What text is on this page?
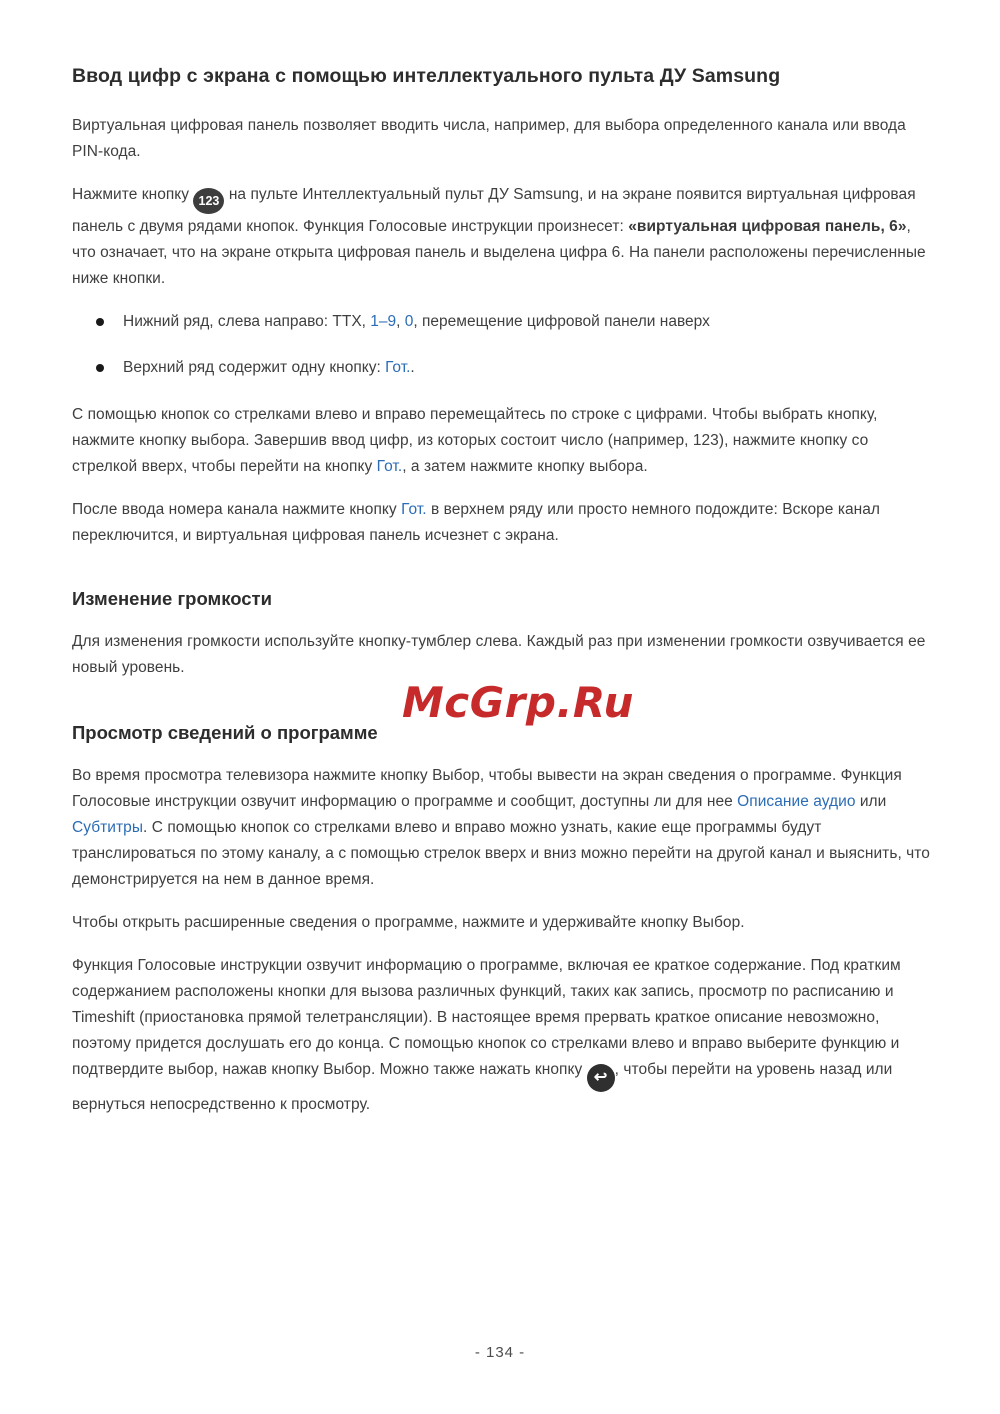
Ввод цифр с экрана с помощью интеллектуального пульта ДУ Samsung

Виртуальная цифровая панель позволяет вводить числа, например, для выбора определенного канала или ввода PIN-кода.

Нажмите кнопку 123 на пульте Интеллектуальный пульт ДУ Samsung, и на экране появится виртуальная цифровая панель с двумя рядами кнопок. Функция Голосовые инструкции произнесет: «виртуальная цифровая панель, 6», что означает, что на экране открыта цифровая панель и выделена цифра 6. На панели расположены перечисленные ниже кнопки.

Нижний ряд, слева направо: TTX, 1–9, 0, перемещение цифровой панели наверх
Верхний ряд содержит одну кнопку: Гот..

С помощью кнопок со стрелками влево и вправо перемещайтесь по строке с цифрами. Чтобы выбрать кнопку, нажмите кнопку выбора. Завершив ввод цифр, из которых состоит число (например, 123), нажмите кнопку со стрелкой вверх, чтобы перейти на кнопку Гот., а затем нажмите кнопку выбора.

После ввода номера канала нажмите кнопку Гот. в верхнем ряду или просто немного подождите: Вскоре канал переключится, и виртуальная цифровая панель исчезнет с экрана.

Изменение громкости

Для изменения громкости используйте кнопку-тумблер слева. Каждый раз при изменении громкости озвучивается ее новый уровень.

Просмотр сведений о программе

Во время просмотра телевизора нажмите кнопку Выбор, чтобы вывести на экран сведения о программе. Функция Голосовые инструкции озвучит информацию о программе и сообщит, доступны ли для нее Описание аудио или Субтитры. С помощью кнопок со стрелками влево и вправо можно узнать, какие еще программы будут транслироваться по этому каналу, а с помощью стрелок вверх и вниз можно перейти на другой канал и выяснить, что демонстрируется на нем в данное время.

Чтобы открыть расширенные сведения о программе, нажмите и удерживайте кнопку Выбор.

Функция Голосовые инструкции озвучит информацию о программе, включая ее краткое содержание. Под кратким содержанием расположены кнопки для вызова различных функций, таких как запись, просмотр по расписанию и Timeshift (приостановка прямой телетрансляции). В настоящее время прервать краткое описание невозможно, поэтому придется дослушать его до конца. С помощью кнопок со стрелками влево и вправо выберите функцию и подтвердите выбор, нажав кнопку Выбор. Можно также нажать кнопку ↩ , чтобы перейти на уровень назад или вернуться непосредственно к просмотру.

McGrp.Ru
- 134 -
